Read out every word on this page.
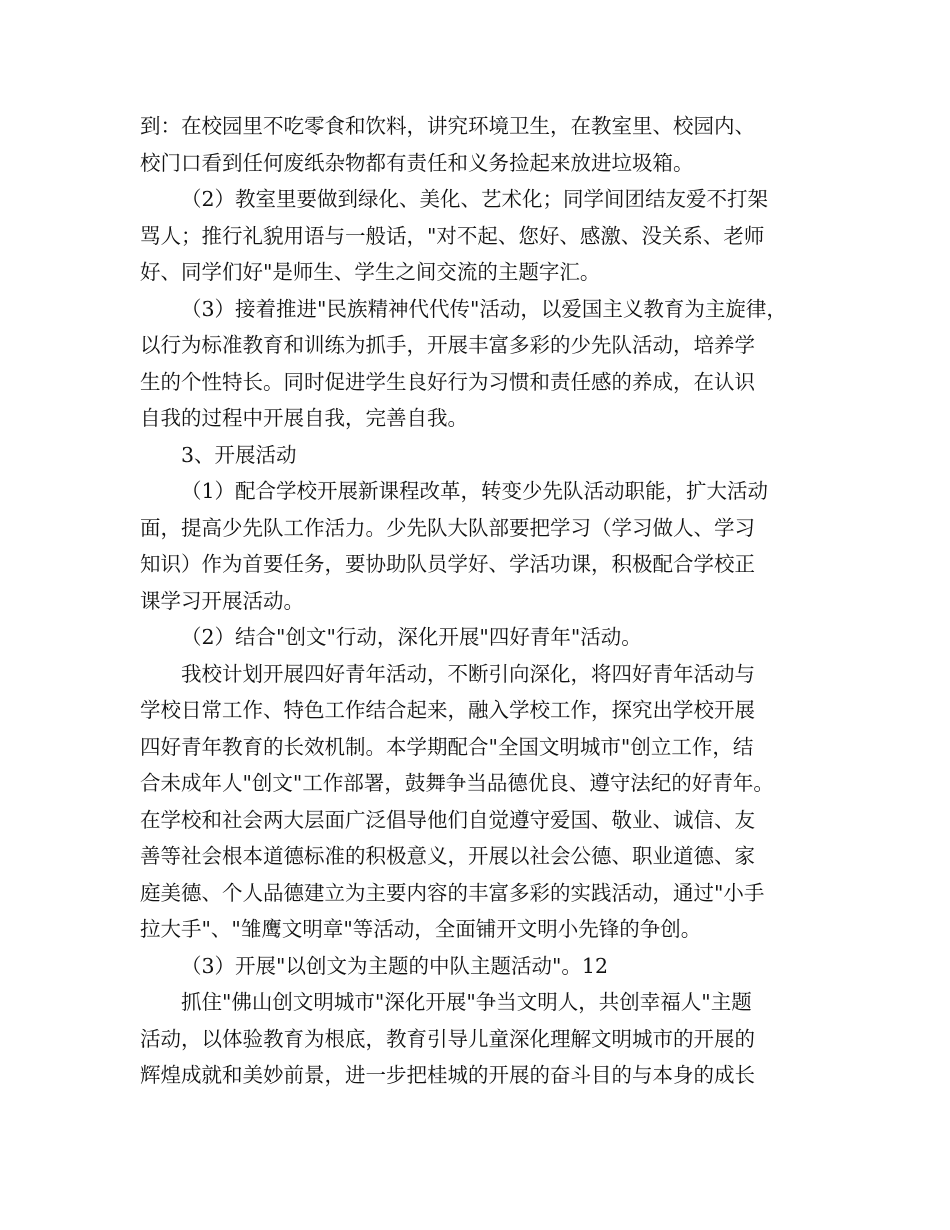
到：在校园里不吃零食和饮料，讲究环境卫生，在教室里、校园内、
校门口看到任何废纸杂物都有责任和义务捡起来放进垃圾箱。
（2）教室里要做到绿化、美化、艺术化；同学间团结友爱不打架
骂人；推行礼貌用语与一般话，"对不起、您好、感激、没关系、老师
好、同学们好"是师生、学生之间交流的主题字汇。
（3）接着推进"民族精神代代传"活动，以爱国主义教育为主旋律，
以行为标准教育和训练为抓手，开展丰富多彩的少先队活动，培养学
生的个性特长。同时促进学生良好行为习惯和责任感的养成，在认识
自我的过程中开展自我，完善自我。
3、开展活动
（1）配合学校开展新课程改革，转变少先队活动职能，扩大活动
面，提高少先队工作活力。少先队大队部要把学习（学习做人、学习
知识）作为首要任务，要协助队员学好、学活功课，积极配合学校正
课学习开展活动。
（2）结合"创文"行动，深化开展"四好青年"活动。
我校计划开展四好青年活动，不断引向深化，将四好青年活动与
学校日常工作、特色工作结合起来，融入学校工作，探究出学校开展
四好青年教育的长效机制。本学期配合"全国文明城市"创立工作，结
合未成年人"创文"工作部署，鼓舞争当品德优良、遵守法纪的好青年。
在学校和社会两大层面广泛倡导他们自觉遵守爱国、敬业、诚信、友
善等社会根本道德标准的积极意义，开展以社会公德、职业道德、家
庭美德、个人品德建立为主要内容的丰富多彩的实践活动，通过"小手
拉大手"、"雏鹰文明章"等活动，全面铺开文明小先锋的争创。
（3）开展"以创文为主题的中队主题活动"。12
抓住"佛山创文明城市"深化开展"争当文明人，共创幸福人"主题
活动，以体验教育为根底，教育引导儿童深化理解文明城市的开展的
辉煌成就和美妙前景，进一步把桂城的开展的奋斗目的与本身的成长
